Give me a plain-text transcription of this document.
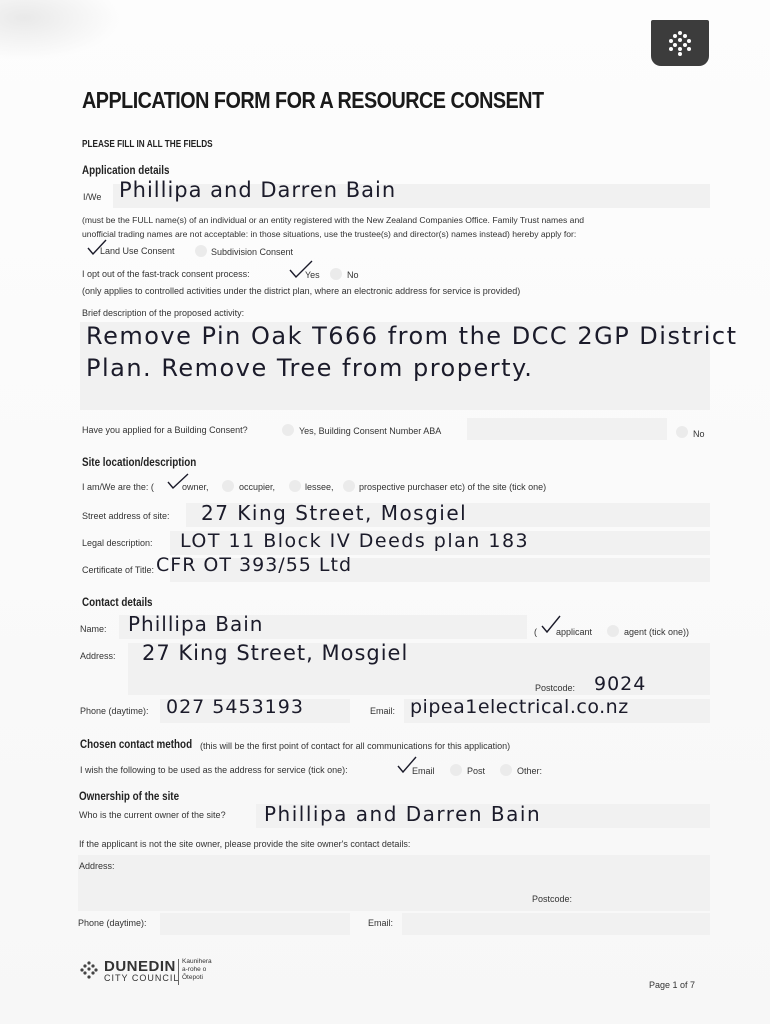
APPLICATION FORM FOR A RESOURCE CONSENT
PLEASE FILL IN ALL THE FIELDS
Application details
I/We Phillipa and Darren Bain
(must be the FULL name(s) of an individual or an entity registered with the New Zealand Companies Office. Family Trust names and
unofficial trading names are not acceptable: in those situations, use the trustee(s) and director(s) names instead) hereby apply for:
Land Use Consent	Subdivision Consent
I opt out of the fast-track consent process:	Yes	No
(only applies to controlled activities under the district plan, where an electronic address for service is provided)
Brief description of the proposed activity:
Remove Pin Oak T666 from the DCC 2GP District
Plan. Remove Tree from property.
Have you applied for a Building Consent?	Yes, Building Consent Number ABA	No
Site location/description
I am/We are the: (	owner,	occupier,	lessee,	prospective purchaser etc) of the site (tick one)
Street address of site: 27 King Street, Mosgiel
Legal description: LOT 11 Block IV Deeds plan 183
Certificate of Title: CFR OT 393/55 Ltd
Contact details
Name: Phillipa Bain	( applicant	agent (tick one))
Address: 27 King Street, Mosgiel
Postcode: 9024
Phone (daytime): 027 5453193	Email: pipea1electrical.co.nz
Chosen contact method (this will be the first point of contact for all communications for this application)
I wish the following to be used as the address for service (tick one):	Email	Post	Other:
Ownership of the site
Who is the current owner of the site? Phillipa and Darren Bain
If the applicant is not the site owner, please provide the site owner's contact details:
Address:
Postcode:
Phone (daytime):	Email:
DUNEDIN
CITY COUNCIL
Kaunihera
a-rohe o
Ōtepoti
Page 1 of 7
